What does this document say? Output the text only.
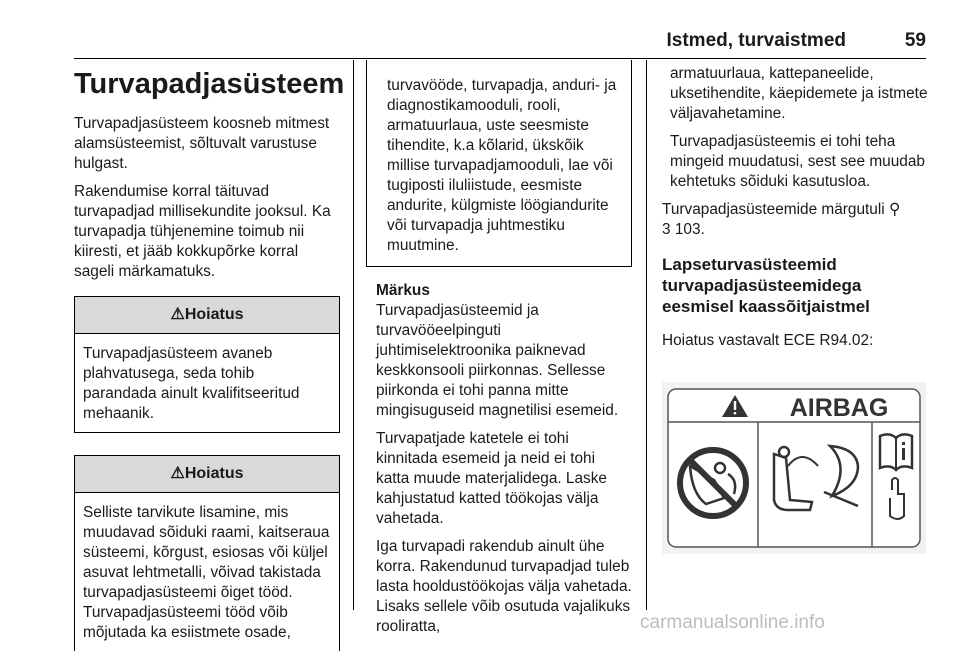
Istmed, turvaistmed	59
Turvapadjasüsteem

Turvapadjasüsteem koosneb mitmest alamsüsteemist, sõltuvalt varustuse hulgast.

Rakendumise korral täituvad turvapadjad millisekundite jooksul. Ka turvapadja tühjenemine toimub nii kiiresti, et jääb kokkupõrke korral sageli märkamatuks.

⚠Hoiatus

Turvapadjasüsteem avaneb plahvatusega, seda tohib parandada ainult kvalifitseeritud mehaanik.

⚠Hoiatus

Selliste tarvikute lisamine, mis muudavad sõiduki raami, kaitseraua süsteemi, kõrgust, esiosas või küljel asuvat lehtmetalli, võivad takistada turvapadjasüsteemi õiget tööd. Turvapadjasüsteemi tööd võib mõjutada ka esiistmete osade,

turvavööde, turvapadja, anduri- ja diagnostikamooduli, rooli, armatuurlaua, uste seesmiste tihendite, k.a kõlarid, ükskõik millise turvapadjamooduli, lae või tugiposti iluliistude, eesmiste andurite, külgmiste löögiandurite või turvapadja juhtmestiku muutmine.

Märkus
Turvapadjasüsteemid ja turvavööeelpinguti juhtimiselektroonika paiknevad keskkonsooli piirkonnas. Sellesse piirkonda ei tohi panna mitte mingisuguseid magnetilisi esemeid.

Turvapatjade katetele ei tohi kinnitada esemeid ja neid ei tohi katta muude materjalidega. Laske kahjustatud katted töökojas välja vahetada.

Iga turvapadi rakendub ainult ühe korra. Rakendunud turvapadjad tuleb lasta hooldustöökojas välja vahetada. Lisaks sellele võib osutuda vajalikuks rooliratta,

armatuurlaua, kattepaneelide, uksetihendite, käepidemete ja istmete väljavahetamine.

Turvapadjasüsteemis ei tohi teha mingeid muudatusi, sest see muudab kehtetuks sõiduki kasutusloa.

Turvapadjasüsteemide märgutuli ⚲
3 103.

Lapseturvasüsteemid turvapadjasüsteemidega eesmisel kaassõitjaistmel

Hoiatus vastavalt ECE R94.02:

AIRBAG
carmanualsonline.info
